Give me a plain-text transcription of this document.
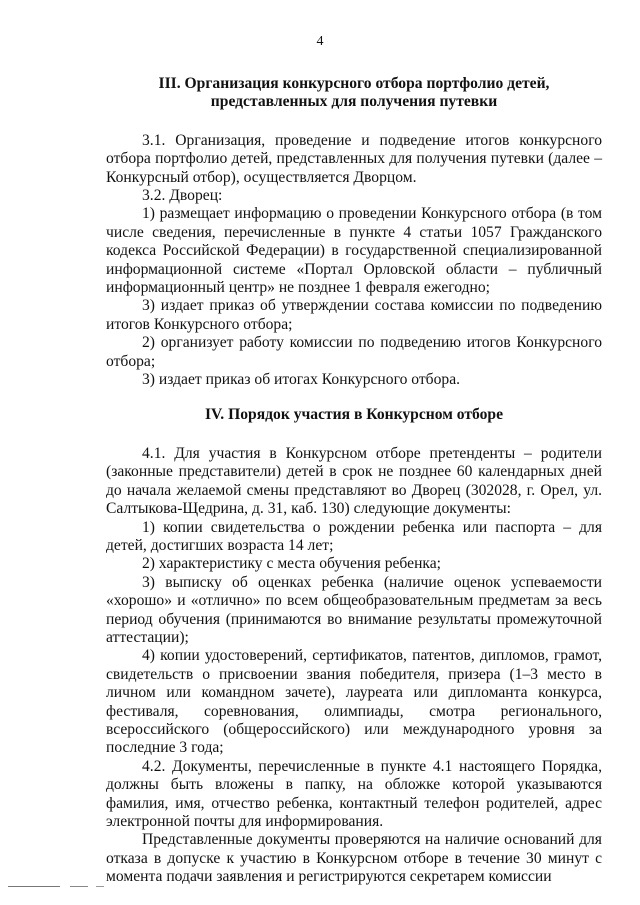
4
III. Организация конкурсного отбора портфолио детей,
представленных для получения путевки

3.1. Организация, проведение и подведение итогов конкурсного отбора портфолио детей, представленных для получения путевки (далее – Конкурсный отбор), осуществляется Дворцом.

3.2. Дворец:

1) размещает информацию о проведении Конкурсного отбора (в том числе сведения, перечисленные в пункте 4 статьи 1057 Гражданского кодекса Российской Федерации) в государственной специализированной информационной системе «Портал Орловской области – публичный информационный центр» не позднее 1 февраля ежегодно;

3) издает приказ об утверждении состава комиссии по подведению итогов Конкурсного отбора;

2) организует работу комиссии по подведению итогов Конкурсного отбора;

3) издает приказ об итогах Конкурсного отбора.

IV. Порядок участия в Конкурсном отборе

4.1. Для участия в Конкурсном отборе претенденты – родители (законные представители) детей в срок не позднее 60 календарных дней до начала желаемой смены представляют во Дворец (302028, г. Орел, ул. Салтыкова-Щедрина, д. 31, каб. 130) следующие документы:

1) копии свидетельства о рождении ребенка или паспорта – для детей, достигших возраста 14 лет;

2) характеристику с места обучения ребенка;

3) выписку об оценках ребенка (наличие оценок успеваемости «хорошо» и «отлично» по всем общеобразовательным предметам за весь период обучения (принимаются во внимание результаты промежуточной аттестации);

4) копии удостоверений, сертификатов, патентов, дипломов, грамот, свидетельств о присвоении звания победителя, призера (1–3 место в личном или командном зачете), лауреата или дипломанта конкурса, фестиваля, соревнования, олимпиады, смотра регионального, всероссийского (общероссийского) или международного уровня за последние 3 года;

4.2. Документы, перечисленные в пункте 4.1 настоящего Порядка, должны быть вложены в папку, на обложке которой указываются фамилия, имя, отчество ребенка, контактный телефон родителей, адрес электронной почты для информирования.

Представленные документы проверяются на наличие оснований для отказа в допуске к участию в Конкурсном отборе в течение 30 минут с момента подачи заявления и регистрируются секретарем комиссии
